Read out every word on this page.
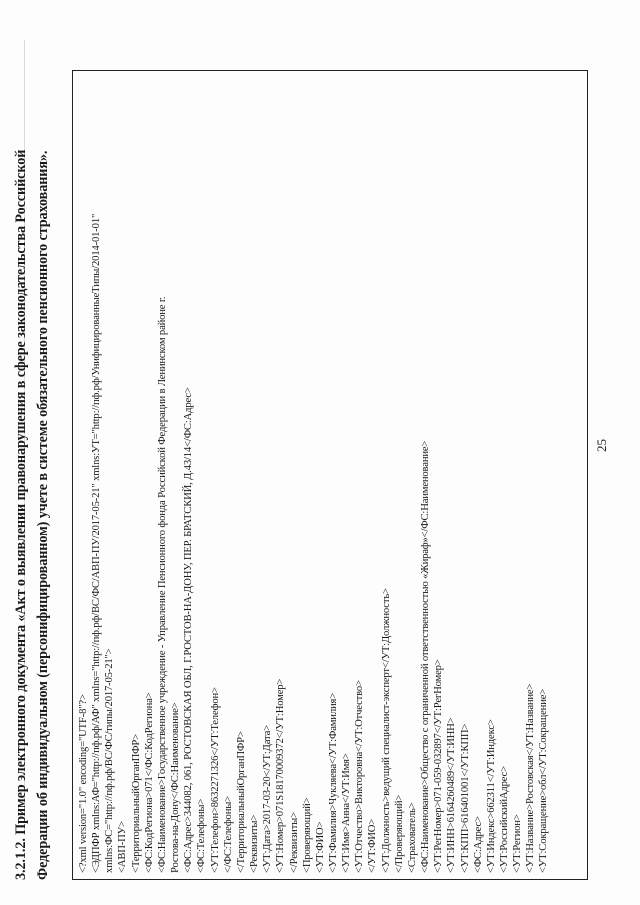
25
3.2.1.2. Пример электронного документа «Акт о выявлении правонарушения в сфере законодательства Российской Федерации об индивидуальном (персонифицированном) учете в системе обязательного пенсионного страхования».	<?xml version="1.0" encoding="UTF-8"?> <ЭДПФР xmlns:АФ="http://пф.рф/АФ" xmlns="http://пф.рф/ВС/ФС/АВП-ПУ/2017-05-21" xmlns:УТ="http://пф.рф/УнифицированныеТипы/2014-01-01" xmlns:ФС="http://пф.рф/ВС/ФС/типы/2017-05-21"> <АВП-ПУ> <ТерриториальныйОрганПФР> <ФС:КодРегиона>071</ФС:КодРегиона> <ФС:Наименование>Государственное учреждение - Управление Пенсионного фонда Российской Федерации в Ленинском районе г. Ростова-на-Дону</ФС:Наименование> <ФС:Адрес>344082, 061, РОСТОВСКАЯ ОБЛ, Г.РОСТОВ-НА-ДОНУ, ПЕР. БРАТСКИЙ, Д.43/14</ФС:Адрес> <ФС:Телефоны> <УТ:Телефон>8632271326</УТ:Телефон> </ФС:Телефоны> </ТерриториальныйОрганПФР> <Реквизиты> <УТ:Дата>2017-03-20</УТ:Дата> <УТ:Номер>071S18170009372</УТ:Номер> </Реквизиты> <Проверяющий> <УТ:ФИО> <УТ:Фамилия>Чукляева</УТ:Фамилия> <УТ:Имя>Анна</УТ:Имя> <УТ:Отчество>Викторовна</УТ:Отчество> </УТ:ФИО> <УТ:Должность>ведущий специалист-эксперт</УТ:Должность> </Проверяющий> <Страхователь> <ФС:Наименование>Общество с ограниченной ответственностью «Жираф»</ФС:Наименование> <УТ:РегНомер>071-059-032897</УТ:РегНомер> <УТ:ИНН>6164260489</УТ:ИНН> <УТ:КПП>616401001</УТ:КПП> <ФС:Адрес> <УТ:Индекс>662311</УТ:Индекс> <УТ:РоссийскийАдрес> <УТ:Регион> <УТ:Название>Ростовская</УТ:Название> <УТ:Сокращение>обл</УТ:Сокращение>
